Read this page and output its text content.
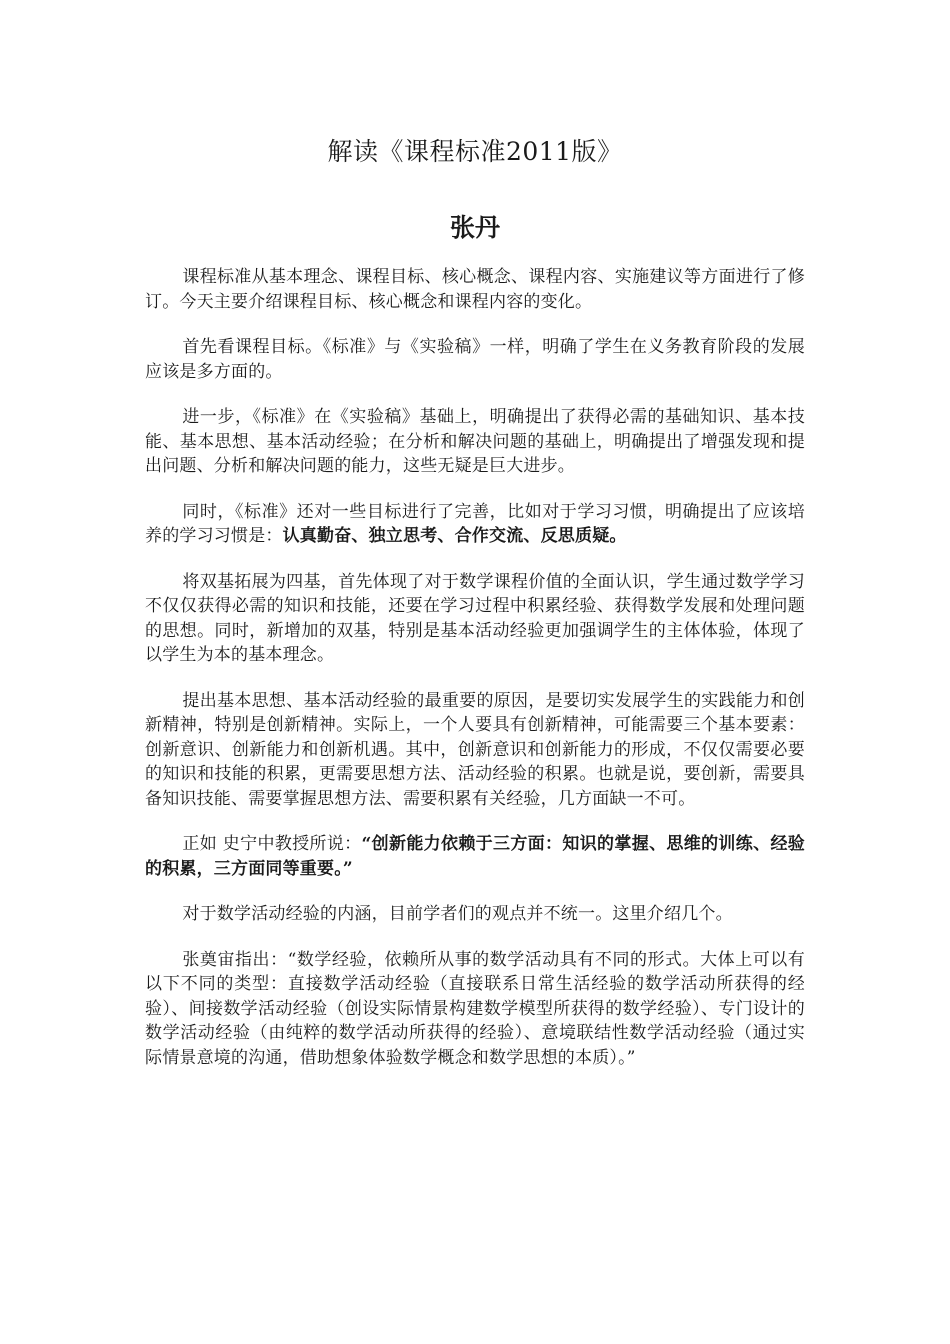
解读《课程标准2011版》
张丹

课程标准从基本理念、课程目标、核心概念、课程内容、实施建议等方面进行了修订。今天主要介绍课程目标、核心概念和课程内容的变化。

首先看课程目标。《标准》与《实验稿》一样，明确了学生在义务教育阶段的发展应该是多方面的。

进一步，《标准》在《实验稿》基础上，明确提出了获得必需的基础知识、基本技能、基本思想、基本活动经验；在分析和解决问题的基础上，明确提出了增强发现和提出问题、分析和解决问题的能力，这些无疑是巨大进步。

同时，《标准》还对一些目标进行了完善，比如对于学习习惯，明确提出了应该培养的学习习惯是：认真勤奋、独立思考、合作交流、反思质疑。

将双基拓展为四基，首先体现了对于数学课程价值的全面认识，学生通过数学学习不仅仅获得必需的知识和技能，还要在学习过程中积累经验、获得数学发展和处理问题的思想。同时，新增加的双基，特别是基本活动经验更加强调学生的主体体验，体现了以学生为本的基本理念。

提出基本思想、基本活动经验的最重要的原因，是要切实发展学生的实践能力和创新精神，特别是创新精神。实际上，一个人要具有创新精神，可能需要三个基本要素：创新意识、创新能力和创新机遇。其中，创新意识和创新能力的形成，不仅仅需要必要的知识和技能的积累，更需要思想方法、活动经验的积累。也就是说，要创新，需要具备知识技能、需要掌握思想方法、需要积累有关经验，几方面缺一不可。

正如 史宁中教授所说：“创新能力依赖于三方面：知识的掌握、思维的训练、经验的积累，三方面同等重要。”

对于数学活动经验的内涵，目前学者们的观点并不统一。这里介绍几个。

张奠宙指出：“数学经验，依赖所从事的数学活动具有不同的形式。大体上可以有以下不同的类型：直接数学活动经验（直接联系日常生活经验的数学活动所获得的经验）、间接数学活动经验（创设实际情景构建数学模型所获得的数学经验）、专门设计的数学活动经验（由纯粹的数学活动所获得的经验）、意境联结性数学活动经验（通过实际情景意境的沟通，借助想象体验数学概念和数学思想的本质）。”
